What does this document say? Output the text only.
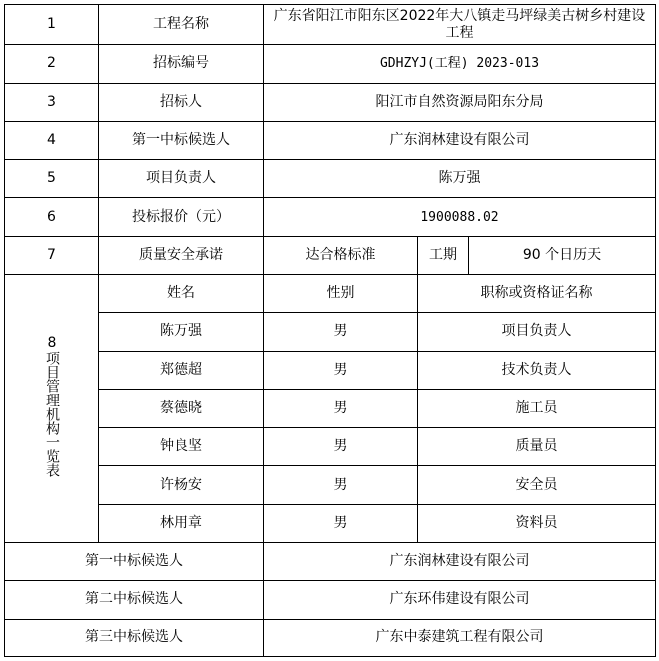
1	工程名称	广东省阳江市阳东区2022年大八镇走马坪绿美古树乡村建设工程		
2	招标编号	GDHZYJ(工程) 2023-013		
3	招标人	阳江市自然资源局阳东分局		
4	第一中标候选人	广东润林建设有限公司		
5	项目负责人	陈万强		
6	投标报价（元）	1900088.02		
7	质量安全承诺	达合格标准	工期	90 个日历天
8项目管理机构一览表	姓名	性别	职称或资格证名称	
	陈万强	男	项目负责人	
	郑德超	男	技术负责人	
	蔡德晓	男	施工员	
	钟良坚	男	质量员	
	许杨安	男	安全员	
	林用章	男	资料员	
第一中标候选人		广东润林建设有限公司		
第二中标候选人		广东环伟建设有限公司		
第三中标候选人		广东中泰建筑工程有限公司		
